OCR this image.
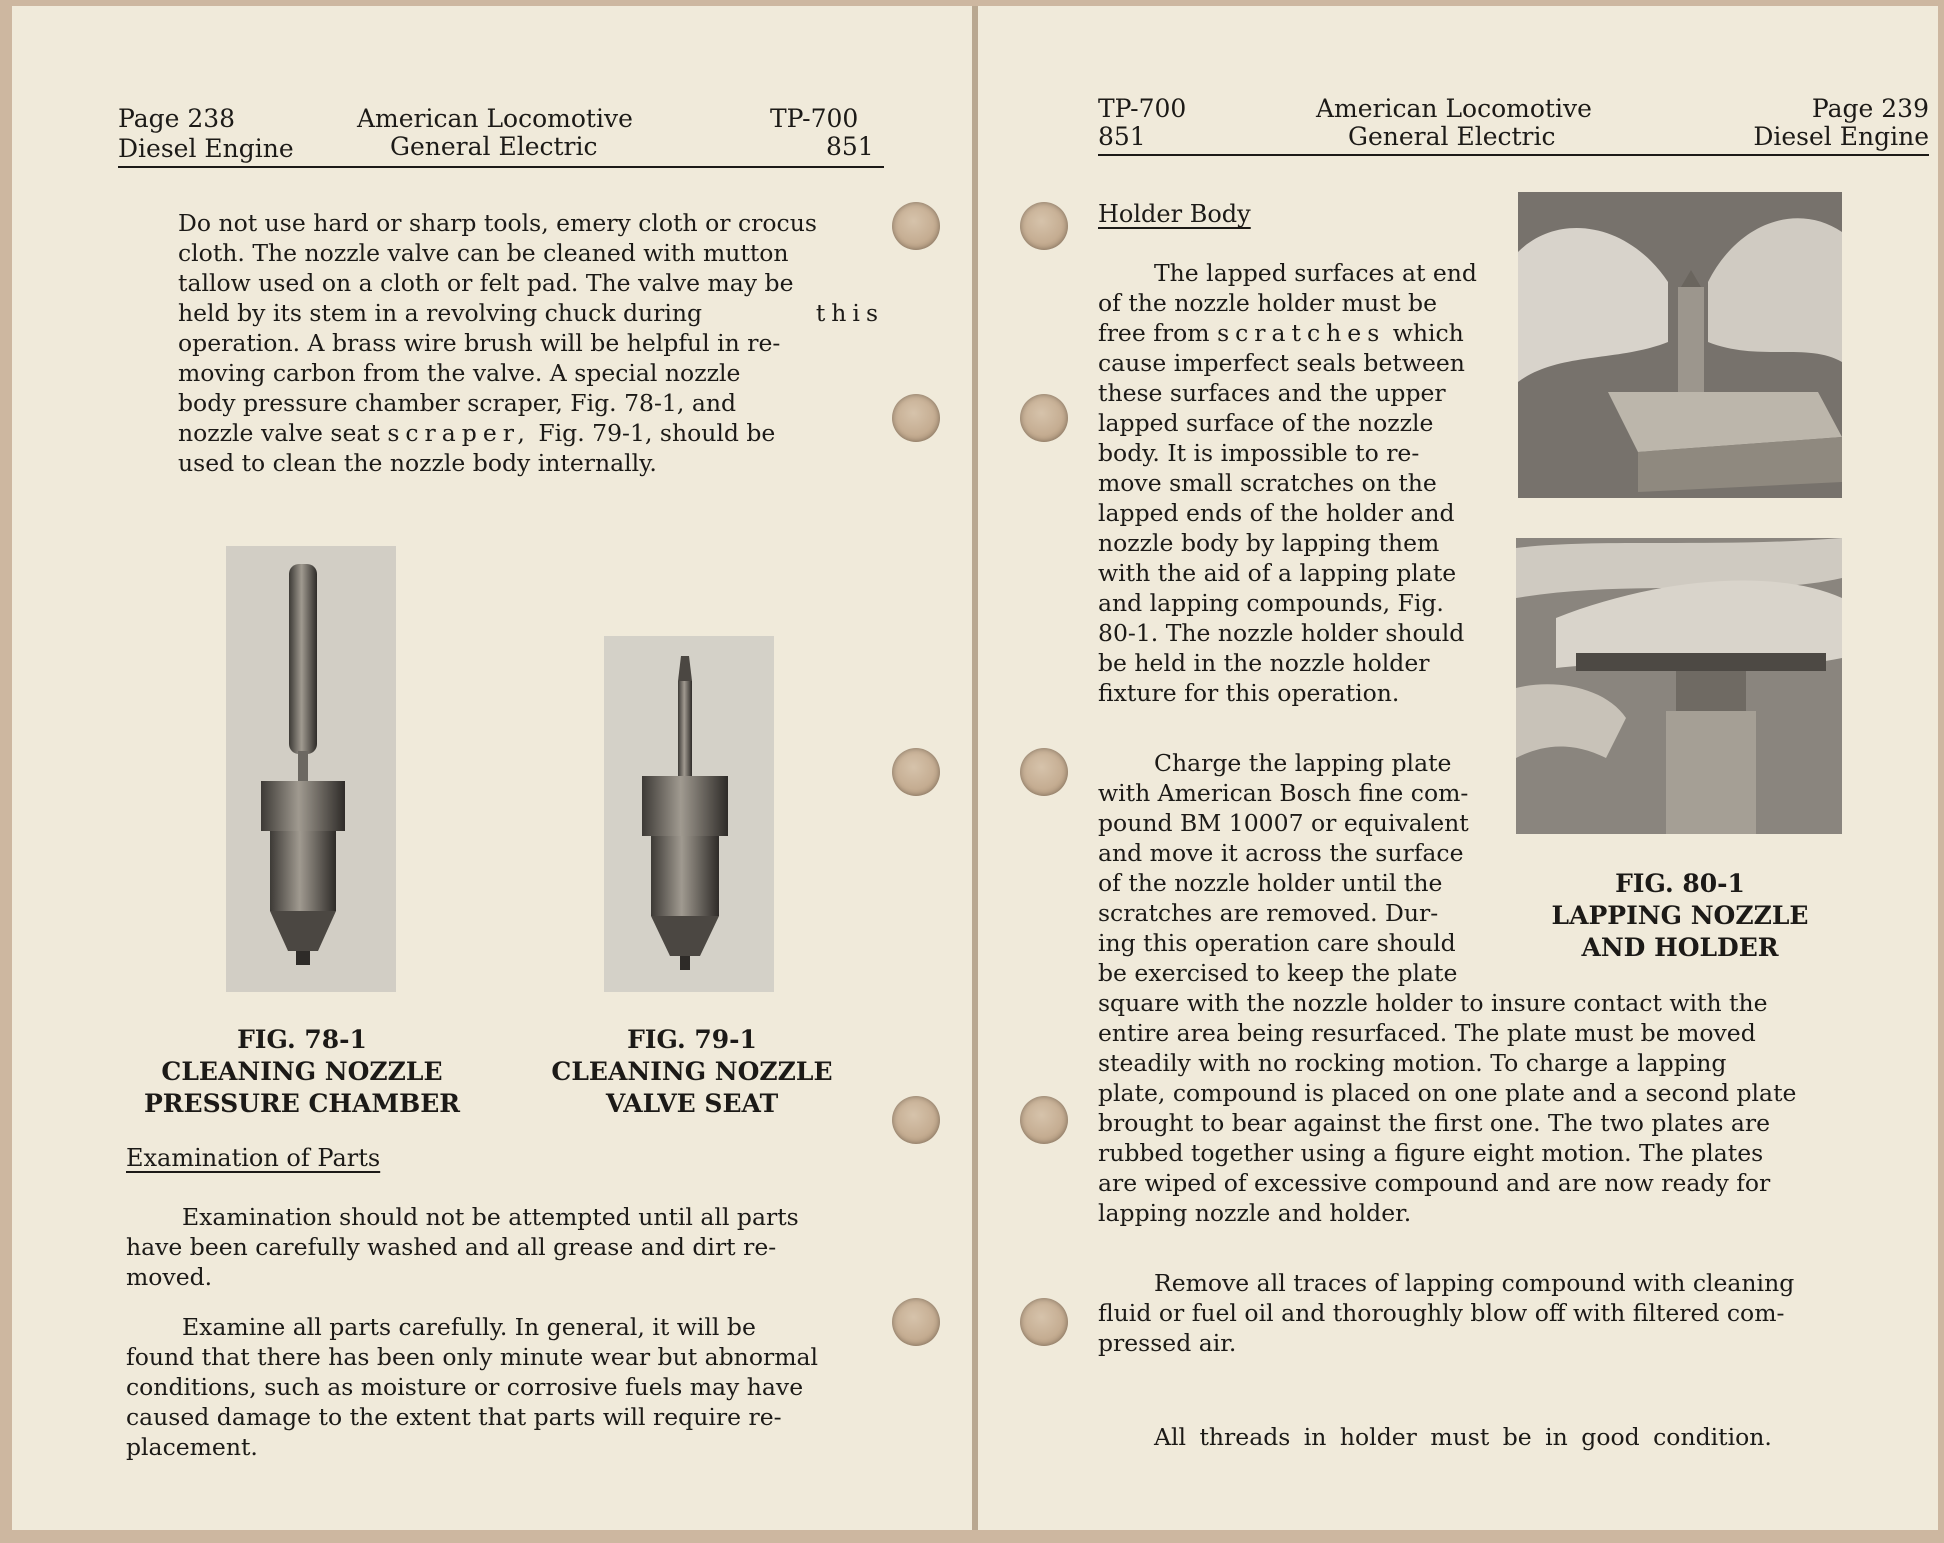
Page 238
Diesel Engine
American Locomotive
General Electric
TP-700
851

Do not use hard or sharp tools, emery cloth or crocus

cloth. The nozzle valve can be cleaned with mutton

tallow used on a cloth or felt pad. The valve may be

held by its stem in a revolving chuck during	this

operation. A brass wire brush will be helpful in re-

moving carbon from the valve. A special nozzle

body pressure chamber scraper, Fig. 78-1, and

nozzle valve seat scraper, Fig. 79-1, should be

used to clean the nozzle body internally.

FIG. 78-1
CLEANING NOZZLE
PRESSURE CHAMBER
FIG. 79-1
CLEANING NOZZLE
VALVE SEAT
Examination of Parts

Examination should not be attempted until all parts

have been carefully washed and all grease and dirt re-

moved.

Examine all parts carefully. In general, it will be

found that there has been only minute wear but abnormal

conditions, such as moisture or corrosive fuels may have

caused damage to the extent that parts will require re-

placement.

TP-700
851
American Locomotive
General Electric
Page 239
Diesel Engine
Holder Body

The lapped surfaces at end

of the nozzle holder must be

free from scratches which

cause imperfect seals between

these surfaces and the upper

lapped surface of the nozzle

body. It is impossible to re-

move small scratches on the

lapped ends of the holder and

nozzle body by lapping them

with the aid of a lapping plate

and lapping compounds, Fig.

80-1. The nozzle holder should

be held in the nozzle holder

fixture for this operation.

FIG. 80-1
LAPPING NOZZLE
AND HOLDER

Charge the lapping plate

with American Bosch fine com-

pound BM 10007 or equivalent

and move it across the surface

of the nozzle holder until the

scratches are removed. Dur-

ing this operation care should

be exercised to keep the plate

square with the nozzle holder to insure contact with the

entire area being resurfaced. The plate must be moved

steadily with no rocking motion. To charge a lapping

plate, compound is placed on one plate and a second plate

brought to bear against the first one. The two plates are

rubbed together using a figure eight motion. The plates

are wiped of excessive compound and are now ready for

lapping nozzle and holder.

Remove all traces of lapping compound with cleaning

fluid or fuel oil and thoroughly blow off with filtered com-

pressed air.

All threads in holder must be in good condition.
